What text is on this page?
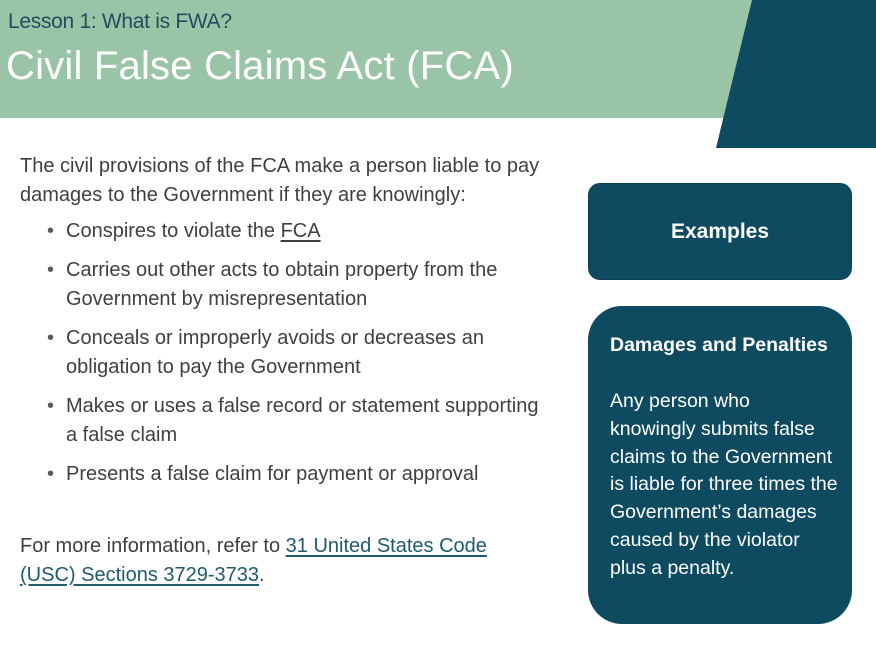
Lesson 1: What is FWA?
Civil False Claims Act (FCA)

The civil provisions of the FCA make a person liable to pay damages to the Government if they are knowingly:

• Conspires to violate the FCA
• Carries out other acts to obtain property from the Government by misrepresentation
• Conceals or improperly avoids or decreases an obligation to pay the Government
• Makes or uses a false record or statement supporting a false claim
• Presents a false claim for payment or approval

For more information, refer to 31 United States Code (USC) Sections 3729-3733.

Examples

Damages and Penalties

Any person who knowingly submits false claims to the Government is liable for three times the Government’s damages caused by the violator plus a penalty.
